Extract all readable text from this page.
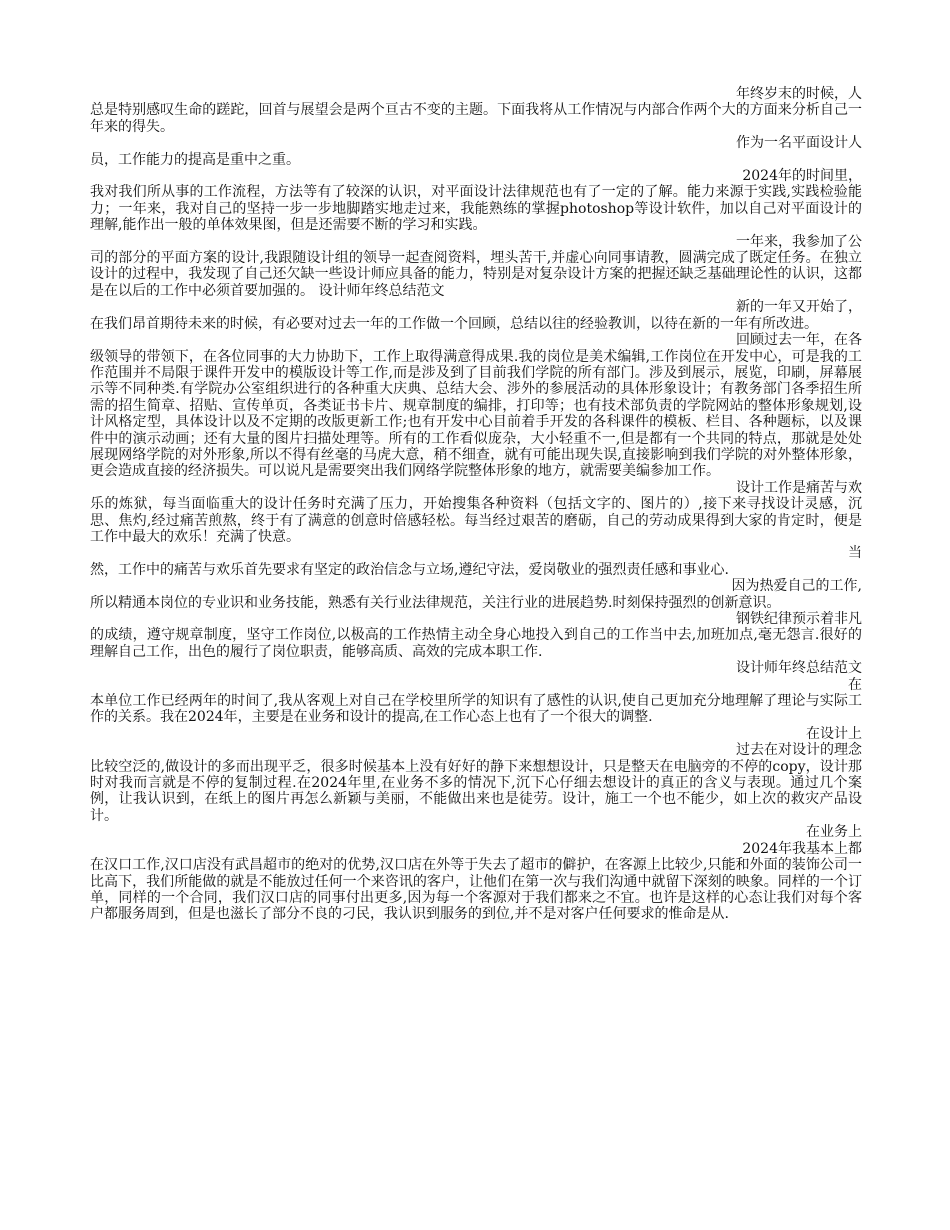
年终岁末的时候，人

总是特别感叹生命的蹉跎，回首与展望会是两个亘古不变的主题。下面我将从工作情况与内部合作两个大的方面来分析自己一年来的得失。

作为一名平面设计人

员，工作能力的提高是重中之重。

2024年的时间里，

我对我们所从事的工作流程，方法等有了较深的认识，对平面设计法律规范也有了一定的了解。能力来源于实践,实践检验能力；一年来，我对自己的坚持一步一步地脚踏实地走过来，我能熟练的掌握photoshop等设计软件，加以自己对平面设计的理解,能作出一般的单体效果图，但是还需要不断的学习和实践。

一年来，我参加了公

司的部分的平面方案的设计,我跟随设计组的领导一起查阅资料，埋头苦干,并虚心向同事请教，圆满完成了既定任务。在独立设计的过程中，我发现了自己还欠缺一些设计师应具备的能力，特别是对复杂设计方案的把握还缺乏基础理论性的认识，这都是在以后的工作中必须首要加强的。 设计师年终总结范文

新的一年又开始了，

在我们昂首期待未来的时候，有必要对过去一年的工作做一个回顾，总结以往的经验教训，以待在新的一年有所改进。

回顾过去一年，在各

级领导的带领下，在各位同事的大力协助下，工作上取得满意得成果.我的岗位是美术编辑,工作岗位在开发中心，可是我的工作范围并不局限于课件开发中的模版设计等工作,而是涉及到了目前我们学院的所有部门。涉及到展示，展览，印刷，屏幕展示等不同种类.有学院办公室组织进行的各种重大庆典、总结大会、涉外的参展活动的具体形象设计；有教务部门各季招生所需的招生简章、招贴、宣传单页，各类证书卡片、规章制度的编排，打印等；也有技术部负责的学院网站的整体形象规划,设计风格定型，具体设计以及不定期的改版更新工作;也有开发中心目前着手开发的各科课件的模板、栏目、各种题标，以及课件中的演示动画；还有大量的图片扫描处理等。所有的工作看似庞杂，大小轻重不一,但是都有一个共同的特点，那就是处处展现网络学院的对外形象,所以不得有丝毫的马虎大意，稍不细查，就有可能出现失误,直接影响到我们学院的对外整体形象，更会造成直接的经济损失。可以说凡是需要突出我们网络学院整体形象的地方，就需要美编参加工作。

设计工作是痛苦与欢

乐的炼狱，每当面临重大的设计任务时充满了压力，开始搜集各种资料（包括文字的、图片的）,接下来寻找设计灵感，沉思、焦灼,经过痛苦煎熬，终于有了满意的创意时倍感轻松。每当经过艰苦的磨砺，自己的劳动成果得到大家的肯定时，便是工作中最大的欢乐！充满了快意。

当

然，工作中的痛苦与欢乐首先要求有坚定的政治信念与立场,遵纪守法，爱岗敬业的强烈责任感和事业心.

因为热爱自己的工作,

所以精通本岗位的专业识和业务技能，熟悉有关行业法律规范，关注行业的进展趋势.时刻保持强烈的创新意识。

钢铁纪律预示着非凡

的成绩，遵守规章制度，坚守工作岗位,以极高的工作热情主动全身心地投入到自己的工作当中去,加班加点,毫无怨言.很好的理解自己工作，出色的履行了岗位职责，能够高质、高效的完成本职工作.

设计师年终总结范文

在

本单位工作已经两年的时间了,我从客观上对自己在学校里所学的知识有了感性的认识,使自己更加充分地理解了理论与实际工作的关系。我在2024年，主要是在业务和设计的提高,在工作心态上也有了一个很大的调整.

在设计上

过去在对设计的理念

比较空泛的,做设计的多而出现平乏，很多时候基本上没有好好的静下来想想设计，只是整天在电脑旁的不停的copy，设计那时对我而言就是不停的复制过程.在2024年里,在业务不多的情况下,沉下心仔细去想设计的真正的含义与表现。通过几个案例，让我认识到，在纸上的图片再怎么新颖与美丽，不能做出来也是徒劳。设计，施工一个也不能少，如上次的救灾产品设计。

在业务上

2024年我基本上都

在汉口工作,汉口店没有武昌超市的绝对的优势,汉口店在外等于失去了超市的僻护，在客源上比较少,只能和外面的装饰公司一比高下，我们所能做的就是不能放过任何一个来咨讯的客户，让他们在第一次与我们沟通中就留下深刻的映象。同样的一个订单，同样的一个合同，我们汉口店的同事付出更多,因为每一个客源对于我们都来之不宜。也许是这样的心态让我们对每个客户都服务周到，但是也滋长了部分不良的刁民，我认识到服务的到位,并不是对客户任何要求的惟命是从.
